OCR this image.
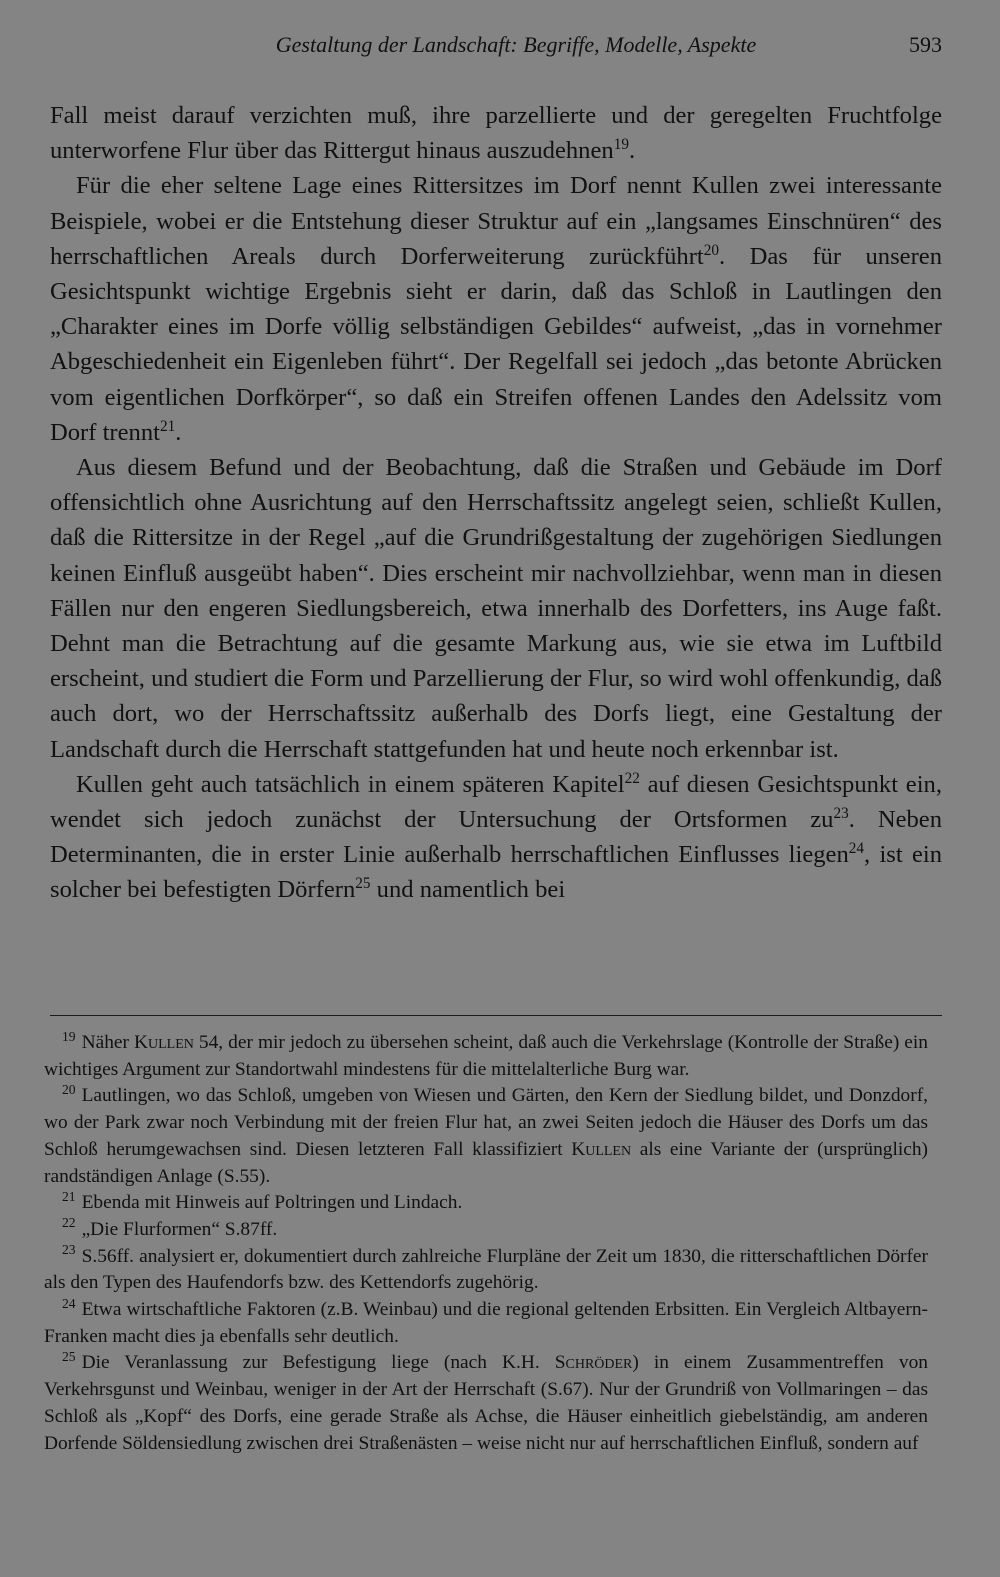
Gestaltung der Landschaft: Begriffe, Modelle, Aspekte	593

Fall meist darauf verzichten muß, ihre parzellierte und der geregelten Fruchtfolge unterworfene Flur über das Rittergut hinaus auszudehnen$^{19}$.

Für die eher seltene Lage eines Rittersitzes im Dorf nennt Kullen zwei interessante Beispiele, wobei er die Entstehung dieser Struktur auf ein „langsames Einschnüren“ des herrschaftlichen Areals durch Dorferweiterung zurückführt$^{20}$. Das für unseren Gesichtspunkt wichtige Ergebnis sieht er darin, daß das Schloß in Lautlingen den „Charakter eines im Dorfe völlig selbständigen Gebildes“ aufweist, „das in vornehmer Abgeschiedenheit ein Eigenleben führt“. Der Regelfall sei jedoch „das betonte Abrücken vom eigentlichen Dorfkörper“, so daß ein Streifen offenen Landes den Adelssitz vom Dorf trennt$^{21}$.

Aus diesem Befund und der Beobachtung, daß die Straßen und Gebäude im Dorf offensichtlich ohne Ausrichtung auf den Herrschaftssitz angelegt seien, schließt Kullen, daß die Rittersitze in der Regel „auf die Grundrißgestaltung der zugehörigen Siedlungen keinen Einfluß ausgeübt haben“. Dies erscheint mir nachvollziehbar, wenn man in diesen Fällen nur den engeren Siedlungsbereich, etwa innerhalb des Dorfetters, ins Auge faßt. Dehnt man die Betrachtung auf die gesamte Markung aus, wie sie etwa im Luftbild erscheint, und studiert die Form und Parzellierung der Flur, so wird wohl offenkundig, daß auch dort, wo der Herrschaftssitz außerhalb des Dorfs liegt, eine Gestaltung der Landschaft durch die Herrschaft stattgefunden hat und heute noch erkennbar ist.

Kullen geht auch tatsächlich in einem späteren Kapitel$^{22}$ auf diesen Gesichtspunkt ein, wendet sich jedoch zunächst der Untersuchung der Ortsformen $zu^{23}$. Neben Determinanten, die in erster Linie außerhalb herrschaftlichen Einflusses liegen$^{24}$, ist ein solcher bei befestigten Dörfern$^{25}$ und namentlich bei

$^{19}$ Näher Kullen 54, der mir jedoch zu übersehen scheint, daß auch die Verkehrslage (Kontrolle der Straße) ein wichtiges Argument zur Standortwahl mindestens für die mittelalterliche Burg war.

$^{20}$ Lautlingen, wo das Schloß, umgeben von Wiesen und Gärten, den Kern der Siedlung bildet, und Donzdorf, wo der Park zwar noch Verbindung mit der freien Flur hat, an zwei Seiten jedoch die Häuser des Dorfs um das Schloß herumgewachsen sind. Diesen letzteren Fall klassifiziert Kullen als eine Variante der (ursprünglich) randständigen Anlage (S.55).

$^{21}$ Ebenda mit Hinweis auf Poltringen und Lindach.

$^{22}$ „Die Flurformen“ S.87ff.

$^{23}$ S.56ff. analysiert er, dokumentiert durch zahlreiche Flurpläne der Zeit um 1830, die ritterschaftlichen Dörfer als den Typen des Haufendorfs bzw. des Kettendorfs zugehörig.

$^{24}$ Etwa wirtschaftliche Faktoren (z.B. Weinbau) und die regional geltenden Erbsitten. Ein Vergleich Altbayern-Franken macht dies ja ebenfalls sehr deutlich.

$^{25}$ Die Veranlassung zur Befestigung liege (nach K.H. Schröder) in einem Zusammentreffen von Verkehrsgunst und Weinbau, weniger in der Art der Herrschaft (S.67). Nur der Grundriß von Vollmaringen – das Schloß als „Kopf“ des Dorfs, eine gerade Straße als Achse, die Häuser einheitlich giebelständig, am anderen Dorfende Söldensiedlung zwischen drei Straßenästen – weise nicht nur auf herrschaftlichen Einfluß, sondern auf
